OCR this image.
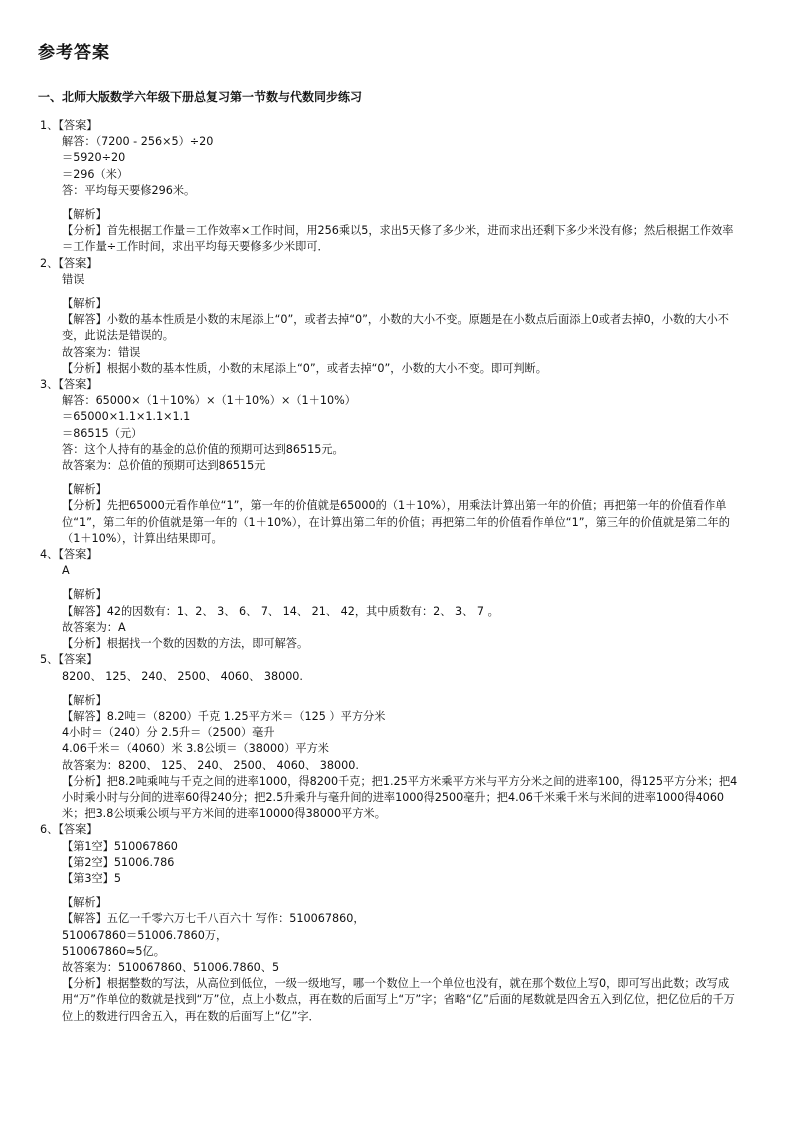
参考答案
一、北师大版数学六年级下册总复习第一节数与代数同步练习
1、【答案】
解答：（7200 - 256×5）÷20
＝5920÷20
＝296（米）
答：平均每天要修296米。
【解析】
【分析】首先根据工作量＝工作效率×工作时间，用256乘以5，求出5天修了多少米，进而求出还剩下多少米没有修；然后根据工作效率＝工作量÷工作时间，求出平均每天要修多少米即可．
2、【答案】
错误
【解析】
【解答】小数的基本性质是小数的末尾添上“0”，或者去掉“0”，小数的大小不变。原题是在小数点后面添上0或者去掉0，小数的大小不变，此说法是错误的。
故答案为：错误
【分析】根据小数的基本性质，小数的末尾添上“0”，或者去掉“0”，小数的大小不变。即可判断。
3、【答案】
解答：65000×（1＋10%）×（1＋10%）×（1＋10%）
＝65000×1.1×1.1×1.1
＝86515（元）
答：这个人持有的基金的总价值的预期可达到86515元。
故答案为：总价值的预期可达到86515元
【解析】
【分析】先把65000元看作单位“1”，第一年的价值就是65000的（1＋10%），用乘法计算出第一年的价值；再把第一年的价值看作单位“1”，第二年的价值就是第一年的（1＋10%），在计算出第二年的价值；再把第二年的价值看作单位“1”，第三年的价值就是第二年的（1＋10%），计算出结果即可。
4、【答案】
A
【解析】
【解答】42的因数有：1、2、 3、 6、 7、 14、 21、 42，其中质数有：2、 3、 7 。
故答案为：A
【分析】根据找一个数的因数的方法，即可解答。
5、【答案】
8200、 125、 240、 2500、 4060、 38000.
【解析】
【解答】8.2吨＝（8200）千克 1.25平方米＝（125 ）平方分米
4小时＝（240）分 2.5升＝（2500）毫升
4.06千米＝（4060）米 3.8公顷＝（38000）平方米
故答案为：8200、 125、 240、 2500、 4060、 38000.
【分析】把8.2吨乘吨与千克之间的进率1000，得8200千克；把1.25平方米乘平方米与平方分米之间的进率100，得125平方分米；把4小时乘小时与分间的进率60得240分；把2.5升乘升与毫升间的进率1000得2500毫升；把4.06千米乘千米与米间的进率1000得4060米；把3.8公顷乘公顷与平方米间的进率10000得38000平方米。
6、【答案】
【第1空】510067860
【第2空】51006.786
【第3空】5
【解析】
【解答】五亿一千零六万七千八百六十 写作：510067860，
510067860＝51006.7860万，
510067860≈5亿。
故答案为：510067860、51006.7860、5
【分析】根据整数的写法，从高位到低位，一级一级地写，哪一个数位上一个单位也没有，就在那个数位上写0，即可写出此数；改写成用“万”作单位的数就是找到“万”位，点上小数点，再在数的后面写上“万”字；省略“亿”后面的尾数就是四舍五入到亿位，把亿位后的千万位上的数进行四舍五入，再在数的后面写上“亿”字．
